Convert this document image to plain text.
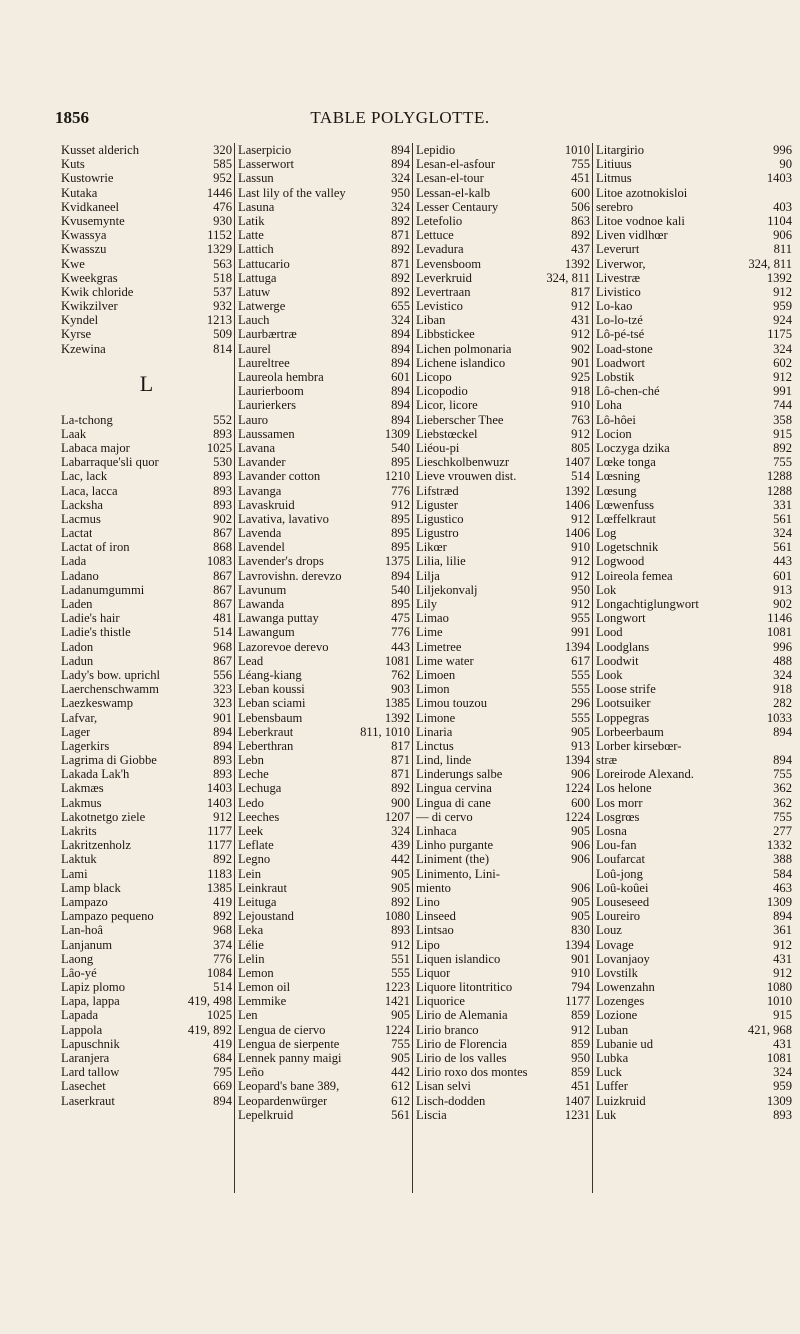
1856	TABLE POLYGLOTTE.
Kusset alderich	320
Kuts	585
Kustowrie	952
Kutaka	1446
Kvidkaneel	476
Kvusemynte	930
Kwassya	1152
Kwasszu	1329
Kwe	563
Kweekgras	518
Kwik chloride	537
Kwikzilver	932
Kyndel	1213
Kyrse	509
Kzewina	814
L
La-tchong	552
Laak	893
Labaca major	1025
Labarraque'sli quor	530
Lac, lack	893
Laca, lacca	893
Lacksha	893
Lacmus	902
Lactat	867
Lactat of iron	868
Lada	1083
Ladano	867
Ladanumgummi	867
Laden	867
Ladie's hair	481
Ladie's thistle	514
Ladon	968
Ladun	867
Lady's bow. uprichl	556
Laerchenschwamm	323
Laezkeswamp	323
Lafvar,	901
Lager	894
Lagerkirs	894
Lagrima di Giobbe	893
Lakada Lak'h	893
Lakmæs	1403
Lakmus	1403
Lakotnetgo ziele	912
Lakrits	1177
Lakritzenholz	1177
Laktuk	892
Lami	1183
Lamp black	1385
Lampazo	419
Lampazo pequeno	892
Lan-hoâ	968
Lanjanum	374
Laong	776
Lâo-yé	1084
Lapiz plomo	514
Lapa, lappa	419, 498
Lapada	1025
Lappola	419, 892
Lapuschnik	419
Laranjera	684
Lard tallow	795
Lasechet	669
Laserkraut	894
Laserpicio	894
Lasserwort	894
Lassun	324
Last lily of the valley	950
Lasuna	324
Latik	892
Latte	871
Lattich	892
Lattucario	871
Lattuga	892
Latuw	892
Latwerge	655
Lauch	324
Laurbærtræ	894
Laurel	894
Laureltree	894
Laureola hembra	601
Laurierboom	894
Laurierkers	894
Lauro	894
Laussamen	1309
Lavana	540
Lavander	895
Lavander cotton	1210
Lavanga	776
Lavaskruid	912
Lavativa, lavativo	895
Lavenda	895
Lavendel	895
Lavender's drops	1375
Lavrovishn. derevzo	894
Lavunum	540
Lawanda	895
Lawanga puttay	475
Lawangum	776
Lazorevoe derevo	443
Lead	1081
Léang-kiang	762
Leban koussi	903
Leban sciami	1385
Lebensbaum	1392
Leberkraut	811, 1010
Leberthran	817
Lebn	871
Leche	871
Lechuga	892
Ledo	900
Leeches	1207
Leek	324
Leflate	439
Legno	442
Lein	905
Leinkraut	905
Leituga	892
Lejoustand	1080
Leka	893
Lélie	912
Lelin	551
Lemon	555
Lemon oil	1223
Lemmike	1421
Len	905
Lengua de ciervo	1224
Lengua de sierpente	755
Lennek panny maigi	905
Leño	442
Leopard's bane 389,	612
Leopardenwürger	612
Lepelkruid	561
Lepidio	1010
Lesan-el-asfour	755
Lesan-el-tour	451
Lessan-el-kalb	600
Lesser Centaury	506
Letefolio	863
Lettuce	892
Levadura	437
Levensboom	1392
Leverkruid	324, 811
Levertraan	817
Levistico	912
Liban	431
Libbstickee	912
Lichen polmonaria	902
Lichene islandico	901
Licopo	925
Licopodio	918
Licor, licore	910
Lieberscher Thee	763
Liebstœckel	912
Liéou-pi	805
Lieschkolbenwuzr	1407
Lieve vrouwen dist.	514
Lifstræd	1392
Liguster	1406
Ligustico	912
Ligustro	1406
Likœr	910
Lilia, lilie	912
Lilja	912
Liljekonvalj	950
Lily	912
Limao	955
Lime	991
Limetree	1394
Lime water	617
Limoen	555
Limon	555
Limou touzou	296
Limone	555
Linaria	905
Linctus	913
Lind, linde	1394
Linderungs salbe	906
Lingua cervina	1224
Lingua di cane	600
— di cervo	1224
Linhaca	905
Linho purgante	906
Liniment (the)	906
Linimento, Lini-
miento	906
Lino	905
Linseed	905
Lintsao	830
Lipo	1394
Liquen islandico	901
Liquor	910
Liquore litontritico	794
Liquorice	1177
Lirio de Alemania	859
Lirio branco	912
Lirio de Florencia	859
Lirio de los valles	950
Lirio roxo dos montes	859
Lisan selvi	451
Lisch-dodden	1407
Liscia	1231
Litargirio	996
Litiuus	90
Litmus	1403
Litoe azotnokisloi
serebro	403
Litoe vodnoe kali	1104
Liven vidlhœr	906
Leverurt	811
Liverwor,	324, 811
Livestræ	1392
Livistico	912
Lo-kao	959
Lo-lo-tzé	924
Lô-pé-tsé	1175
Load-stone	324
Loadwort	602
Lobstik	912
Lô-chen-ché	991
Loha	744
Lô-hôei	358
Locion	915
Loczyga dzika	892
Lœke tonga	755
Lœsning	1288
Lœsung	1288
Lœwenfuss	331
Lœffelkraut	561
Log	324
Logetschnik	561
Logwood	443
Loireola femea	601
Lok	913
Longachtiglungwort	902
Longwort	1146
Lood	1081
Loodglans	996
Loodwit	488
Look	324
Loose strife	918
Lootsuiker	282
Loppegras	1033
Lorbeerbaum	894
Lorber kirsebœr-
stræ	894
Loreirode Alexand.	755
Los helone	362
Los morr	362
Losgrœs	755
Losna	277
Lou-fan	1332
Loufarcat	388
Loû-jong	584
Loû-koûei	463
Louseseed	1309
Loureiro	894
Louz	361
Lovage	912
Lovanjaoy	431
Lovstilk	912
Lowenzahn	1080
Lozenges	1010
Lozione	915
Luban	421, 968
Lubanie ud	431
Lubka	1081
Luck	324
Luffer	959
Luizkruid	1309
Luk	893
